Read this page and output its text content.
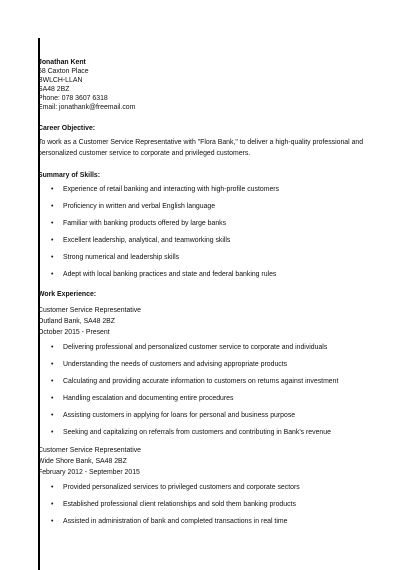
Jonathan Kent
68 Caxton Place
BWLCH-LLAN
SA48 2BZ
Phone: 078 3607 6318
Email: jonathank@freemail.com
Career Objective:
To work as a Customer Service Representative with "Flora Bank," to deliver a high-quality professional and personalized customer service to corporate and privileged customers.
Summary of Skills:
• Experience of retail banking and interacting with high-profile customers
• Proficiency in written and verbal English language
• Familiar with banking products offered by large banks
• Excellent leadership, analytical, and teamworking skills
• Strong numerical and leadership skills
• Adept with local banking practices and state and federal banking rules
Work Experience:
Customer Service Representative
Outland Bank, SA48 2BZ
October 2015 - Present
• Delivering professional and personalized customer service to corporate and individuals
• Understanding the needs of customers and advising appropriate products
• Calculating and providing accurate information to customers on returns against investment
• Handling escalation and documenting entire procedures
• Assisting customers in applying for loans for personal and business purpose
• Seeking and capitalizing on referrals from customers and contributing in Bank's revenue
Customer Service Representative
Wide Shore Bank, SA48 2BZ
February 2012 - September 2015
• Provided personalized services to privileged customers and corporate sectors
• Established professional client relationships and sold them banking products
• Assisted in administration of bank and completed transactions in real time
